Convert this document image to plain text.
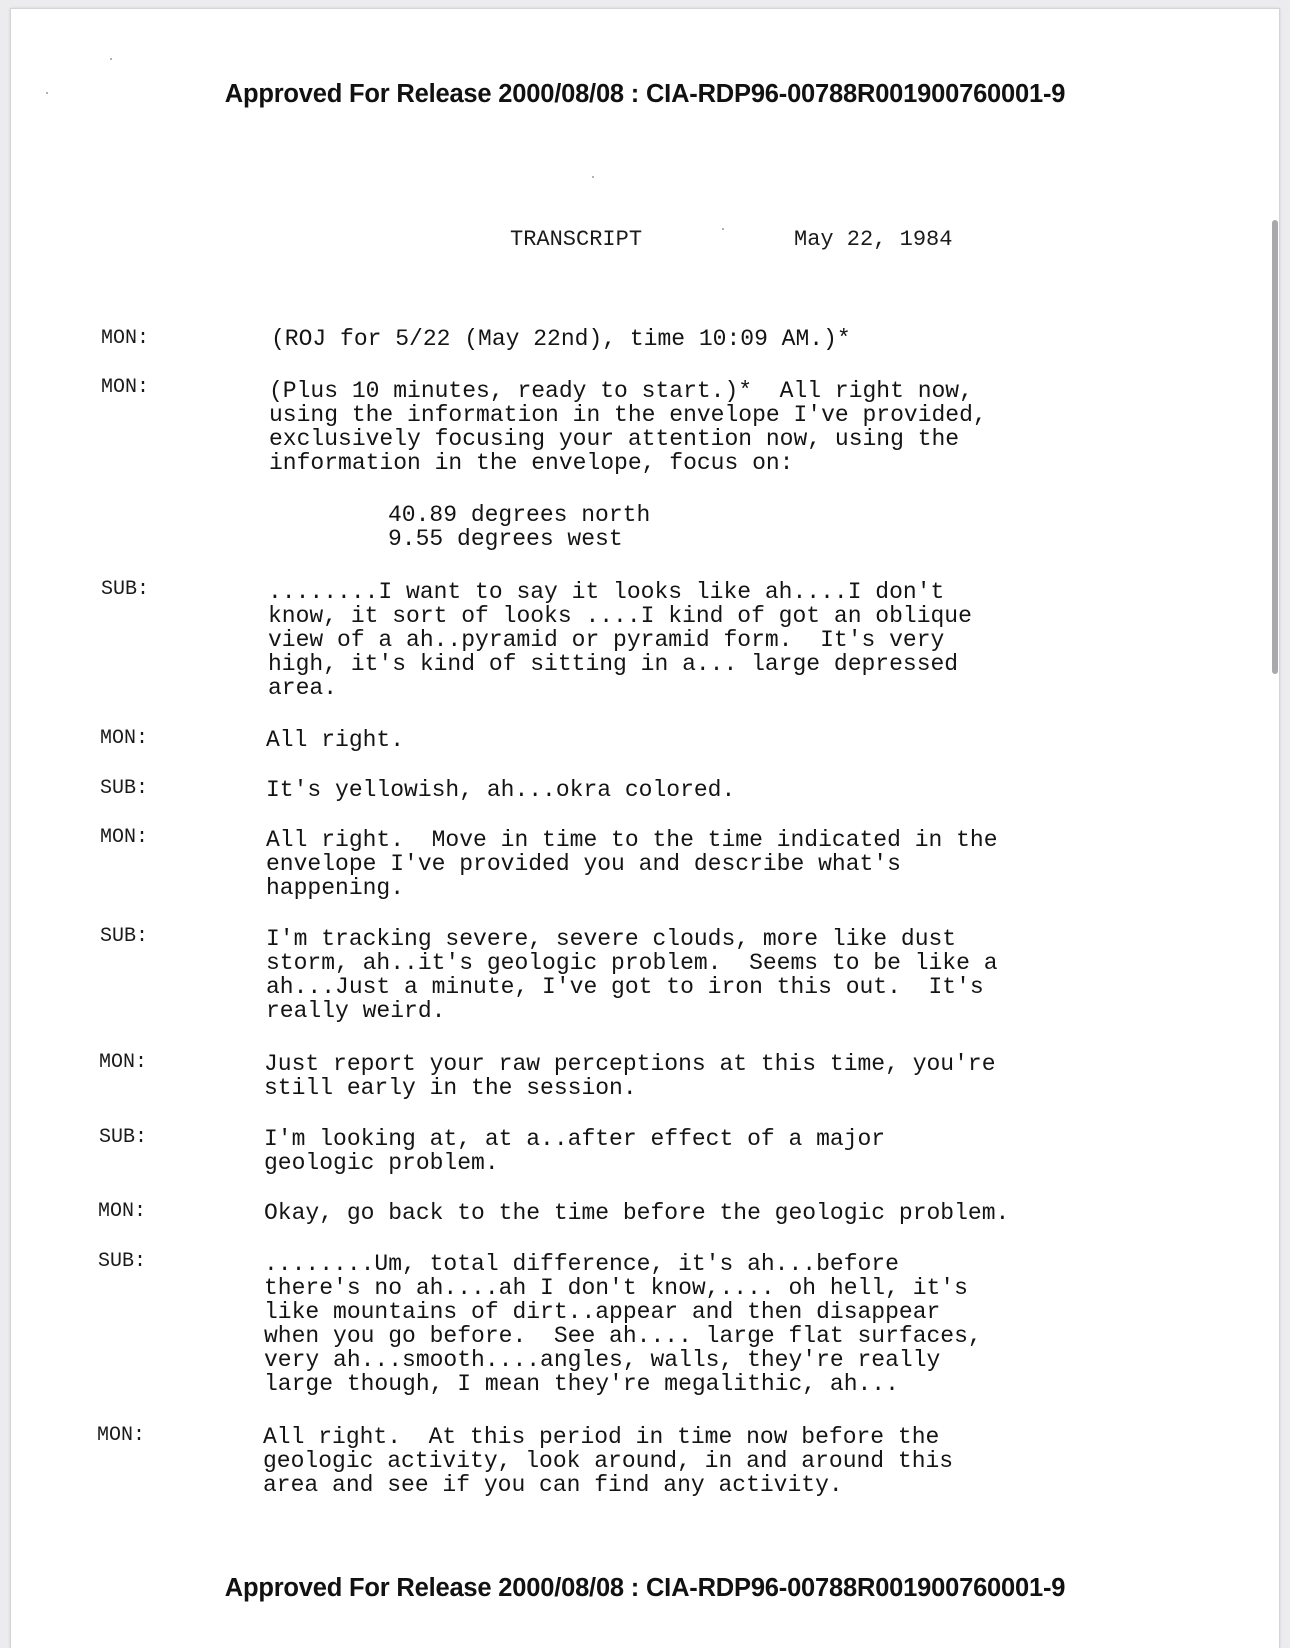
Approved For Release 2000/08/08 : CIA-RDP96-00788R001900760001-9
TRANSCRIPT	May 22, 1984
MON:	(ROJ for 5/22 (May 22nd), time 10:09 AM.)*
MON:	(Plus 10 minutes, ready to start.)*  All right now,
using the information in the envelope I've provided,
exclusively focusing your attention now, using the
information in the envelope, focus on:
40.89 degrees north
9.55 degrees west
SUB:	........I want to say it looks like ah....I don't
know, it sort of looks ....I kind of got an oblique
view of a ah..pyramid or pyramid form.  It's very
high, it's kind of sitting in a... large depressed
area.
MON:	All right.
SUB:	It's yellowish, ah...okra colored.
MON:	All right.  Move in time to the time indicated in the
envelope I've provided you and describe what's
happening.
SUB:	I'm tracking severe, severe clouds, more like dust
storm, ah..it's geologic problem.  Seems to be like a
ah...Just a minute, I've got to iron this out.  It's
really weird.
MON:	Just report your raw perceptions at this time, you're
still early in the session.
SUB:	I'm looking at, at a..after effect of a major
geologic problem.
MON:	Okay, go back to the time before the geologic problem.
SUB:	........Um, total difference, it's ah...before
there's no ah....ah I don't know,.... oh hell, it's
like mountains of dirt..appear and then disappear
when you go before.  See ah.... large flat surfaces,
very ah...smooth....angles, walls, they're really
large though, I mean they're megalithic, ah...
MON:	All right.  At this period in time now before the
geologic activity, look around, in and around this
area and see if you can find any activity.
Approved For Release 2000/08/08 : CIA-RDP96-00788R001900760001-9
